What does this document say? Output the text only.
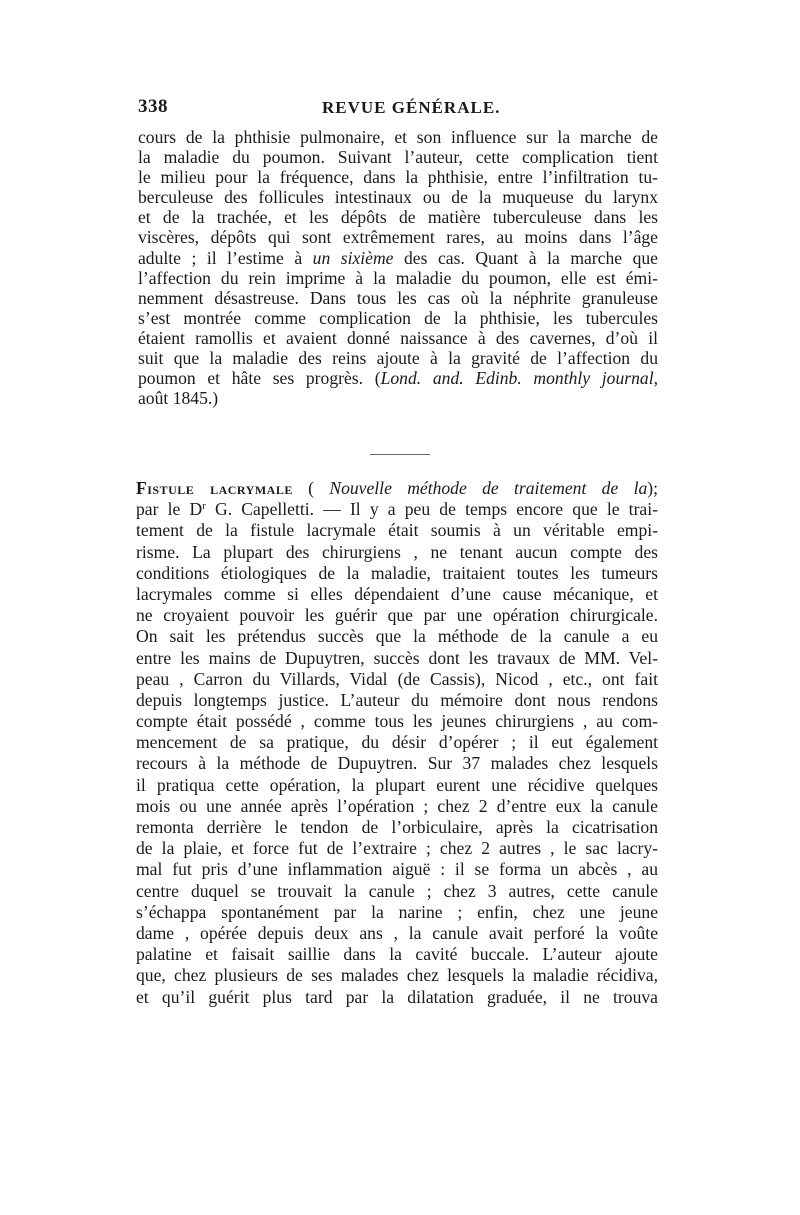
338	REVUE GÉNÉRALE.
cours de la phthisie pulmonaire, et son influence sur la marche de
la maladie du poumon. Suivant l’auteur, cette complication tient
le milieu pour la fréquence, dans la phthisie, entre l’infiltration tu-
berculeuse des follicules intestinaux ou de la muqueuse du larynx
et de la trachée, et les dépôts de matière tuberculeuse dans les
viscères, dépôts qui sont extrêmement rares, au moins dans l’âge
adulte ; il l’estime à un sixième des cas. Quant à la marche que
l’affection du rein imprime à la maladie du poumon, elle est émi-
nemment désastreuse. Dans tous les cas où la néphrite granuleuse
s’est montrée comme complication de la phthisie, les tubercules
étaient ramollis et avaient donné naissance à des cavernes, d’où il
suit que la maladie des reins ajoute à la gravité de l’affection du
poumon et hâte ses progrès. (Lond. and. Edinb. monthly journal,
août 1845.)
Fistule lacrymale ( Nouvelle méthode de traitement de la);
par le $D^r$ G. Capelletti. — Il y a peu de temps encore que le trai-
tement de la fistule lacrymale était soumis à un véritable empi-
risme. La plupart des chirurgiens , ne tenant aucun compte des
conditions étiologiques de la maladie, traitaient toutes les tumeurs
lacrymales comme si elles dépendaient d’une cause mécanique, et
ne croyaient pouvoir les guérir que par une opération chirurgicale.
On sait les prétendus succès que la méthode de la canule a eu
entre les mains de Dupuytren, succès dont les travaux de MM. Vel-
peau , Carron du Villards, Vidal (de Cassis), Nicod , etc., ont fait
depuis longtemps justice. L’auteur du mémoire dont nous rendons
compte était possédé , comme tous les jeunes chirurgiens , au com-
mencement de sa pratique, du désir d’opérer ; il eut également
recours à la méthode de Dupuytren. Sur 37 malades chez lesquels
il pratiqua cette opération, la plupart eurent une récidive quelques
mois ou une année après l’opération ; chez 2 d’entre eux la canule
remonta derrière le tendon de l’orbiculaire, après la cicatrisation
de la plaie, et force fut de l’extraire ; chez 2 autres , le sac lacry-
mal fut pris d’une inflammation aiguë : il se forma un abcès , au
centre duquel se trouvait la canule ; chez 3 autres, cette canule
s’échappa spontanément par la narine ; enfin, chez une jeune
dame , opérée depuis deux ans , la canule avait perforé la voûte
palatine et faisait saillie dans la cavité buccale. L’auteur ajoute
que, chez plusieurs de ses malades chez lesquels la maladie récidiva,
et qu’il guérit plus tard par la dilatation graduée, il ne trouva
